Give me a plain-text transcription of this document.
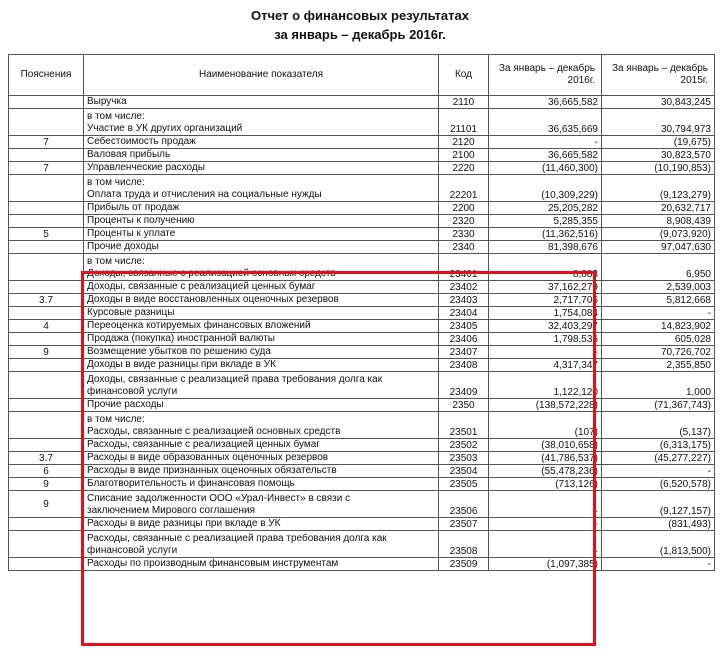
Отчет о финансовых результатах
за январь – декабрь 2016г.
Пояснения	Наименование показателя	Код	За январь – декабрь 2016г.	За январь – декабрь 2015г.

	Выручка	2110	36,665,582	30,843,245

	в том числе:
Участие в УК других организаций	21101	36,635,669	30,794,973
7	Себестоимость продаж	2120	-	(19,675)

	Валовая прибыль	2100	36,665,582	30,823,570
7	Управленческие расходы	2220	(11,460,300)	(10,190,853)

	в том числе:
Оплата труда и отчисления на социальные нужды	22201	(10,309,229)	(9,123,279)

	Прибыль от продаж	2200	25,205,282	20,632,717

	Проценты к получению	2320	5,285,355	8,908,439
5	Проценты к уплате	2330	(11,362,516)	(9,073,920)

	Прочие доходы	2340	81,398,676	97,047,630

	в том числе:
Доходы, связанные с реализацией основных средств	23401	8,883	6,950

	Доходы, связанные с реализацией ценных бумаг	23402	37,162,279	2,539,003
3.7	Доходы в виде восстановленных оценочных резервов	23403	2,717,706	5,812,668

	Курсовые разницы	23404	1,754,084	-
4	Переоценка котируемых финансовых вложений	23405	32,403,297	14,823,902

	Продажа (покупка) иностранной валюты	23406	1,798,536	605,028
9	Возмещение убытков по решению суда	23407	-	70,726,702

	Доходы в виде разницы при вкладе в УК	23408	4,317,347	2,355,850

	Доходы, связанные с реализацией права требования долга как
финансовой услуги	23409	1,122,120	1,000

	Прочие расходы	2350	(138,572,228)	(71,367,743)

	в том числе:
Расходы, связанные с реализацией основных средств	23501	(107)	(5,137)

	Расходы, связанные с реализацией ценных бумаг	23502	(38,010,658)	(6,313,175)
3.7	Расходы в виде образованных оценочных резервов	23503	(41,786,537)	(45,277,227)
6	Расходы в виде признанных оценочных обязательств	23504	(55,478,236)	-
9	Благотворительность и финансовая помощь	23505	(713,126)	(6,520,578)
9	Списание задолженности ООО «Урал-Инвест» в связи с
заключением Мирового соглашения	23506	-	(9,127,157)

	Расходы в виде разницы при вкладе в УК	23507	-	(831,493)

	Расходы, связанные с реализацией права требования долга как
финансовой услуги	23508	-	(1,813,500)

	Расходы по производным финансовым инструментам	23509	(1,097,385)	-
